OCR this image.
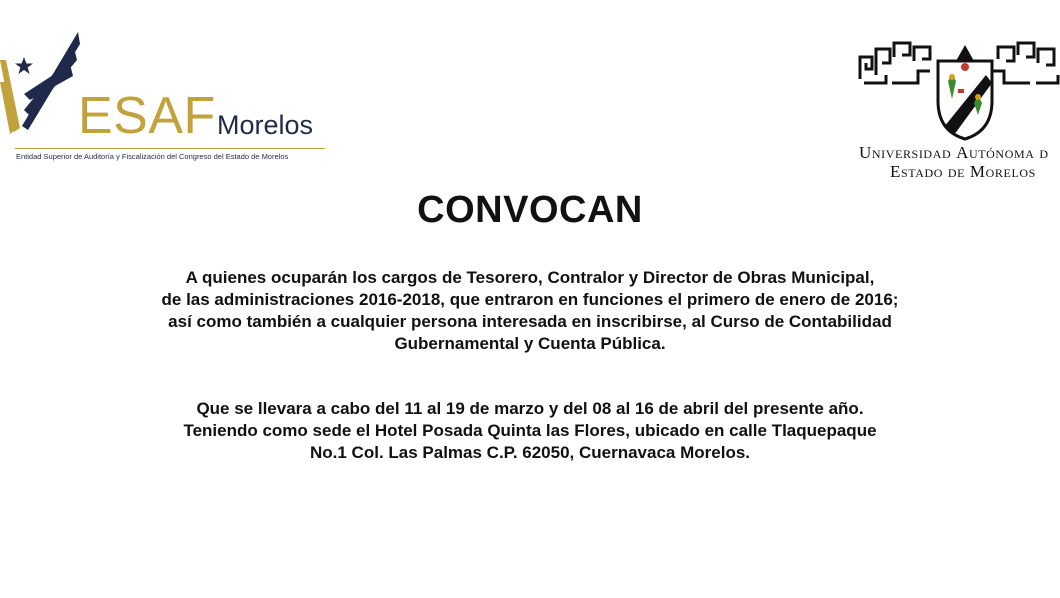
ESAF Morelos
Entidad Superior de Auditoría y Fiscalización del Congreso del Estado de Morelos	Universidad Autónoma d
Estado de Morelos
CONVOCAN
A quienes ocuparán los cargos de Tesorero, Contralor y Director de Obras Municipal,
de las administraciones 2016-2018, que entraron en funciones el primero de enero de 2016;
así como también a cualquier persona interesada en inscribirse, al Curso de Contabilidad
Gubernamental y Cuenta Pública.
Que se llevara a cabo del 11 al 19 de marzo y del 08 al 16 de abril del presente año.
Teniendo como sede el Hotel Posada Quinta las Flores, ubicado en calle Tlaquepaque
No.1 Col. Las Palmas C.P. 62050, Cuernavaca Morelos.
